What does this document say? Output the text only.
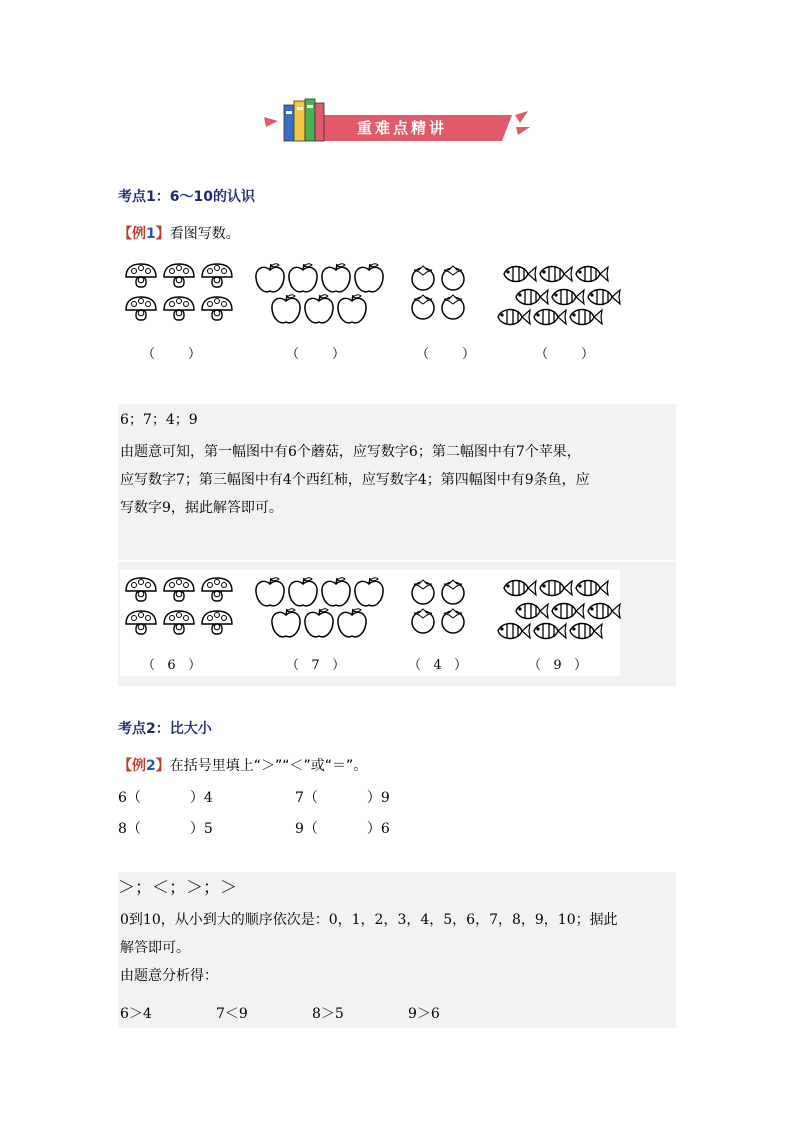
重难点精讲
考点1：6～10的认识
【例1】看图写数。
（        ）	（        ）	（        ）	（        ）
6；7；4；9
由题意可知，第一幅图中有6个蘑菇，应写数字6；第二幅图中有7个苹果，
应写数字7；第三幅图中有4个西红柿，应写数字4；第四幅图中有9条鱼，应
写数字9，据此解答即可。
（   6   ）	（   7   ）	（   4   ）	（   9   ）
考点2：比大小
【例2】在括号里填上“＞”“＜”或“＝”。
6（           ）4	7（           ）9
8（           ）5	9（           ）6
＞；＜；＞；＞
0到10，从小到大的顺序依次是：0，1，2，3，4，5，6，7，8，9，10；据此
解答即可。
由题意分析得：
6＞4	7＜9	8＞5	9＞6
